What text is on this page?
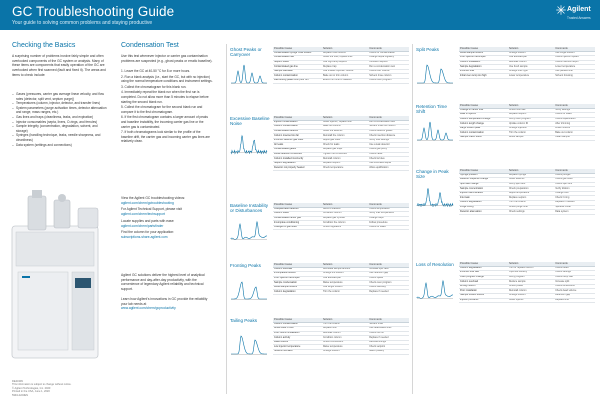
GC Troubleshooting Guide
Your guide to solving common problems and staying productive
Agilent
Trusted Answers
Checking the Basics
A surprising number of problems involve fairly simple and often overlooked components of the GC system or analysis. Many of these items are components that easily operation of the GC are overlooked when first scanned (fault and fixed it). The areas and items to check include:
– Gases (pressures, carrier gas average linear velocity, and flow rates (detector, split vent, septum purge))
– Temperatures (column, injector, detector, and transfer lines)
– System parameters (purge activation times, detector attenuation and range, mass ranges, etc.)
– Gas lines and traps (cleanliness, leaks, and expiration)
– Injector consumables (septa, liners, O-rings, and ferrules)
– Sample integrity (concentration, degradation, solvent, and storage)
– Syringes (handling technique, leaks, needle sharpness, and cleanliness)
– Data system (settings and connections)
DE44309
This information is subject to change without notice.
© Agilent Technologies, Inc. 2020
Printed in the USA, June 1, 2020
5994-2223EN
Condensation Test
Use this test whenever injector or carrier gas contamination problems are suspected (e.g., ghost peaks or erratic baseline).
1. Leave the GC at 40-50 °C for 8 or more hours.
2. Run a blank analysis (i.e., start the GC, but with no injection) using the normal temperature conditions and instrument settings.
3. Collect the chromatogram for this blank run.
4. Immediately repeat the blank run when the first run is completed. Do not allow more than 5 minutes to elapse before starting the second blank run.
5. Collect the chromatogram for the second blank run and compare it to the first chromatogram.
6. If the first chromatogram contains a larger amount of peaks and baseline instability, the incoming carrier gas line or the carrier gas is contaminated.
7. If both chromatograms look similar to the profile of the baseline drift, the carrier gas and incoming carrier gas lines are relatively clean.
View the Agilent GC troubleshooting videos:
agilent.com/chem/gctroubleshooting
For Agilent Technical Support, please visit
agilent.com/chem/techsupport
Locate supplies and parts with ease:
agilent.com/chem/partsfinder
Find the column for your application:
subscriptions-share-agilent.com
Agilent GC solutions deliver the highest level of analytical performance and day-after-day productivity, with the convenience of legendary Agilent reliability and technical support.
Learn how Agilent's innovations in GC provide the reliability your lab needs at
www.agilent.com/chem/gcproductivity
Ghost Peaks or Carryover
Possible Cause	Solution	Comments
Contaminated syringe rinse solvent	Replace rinse solvent	Check for contamination
Contaminated inlet	Clean the inlet; replace liner	Change septa regularly
Septum bleed	Use high-temp septum	Condition septum
Contaminated gas line	Replace trap	Run a condensation test
Sample backflash	Use smaller injection volume	Check liner volume
Column contamination	Bake out or trim column	Solvent rinse column
Late eluting peaks from prior run	Extend run time or bakeout	Check oven program
Excessive Baseline Noise
Possible Cause	Solution	Comments
Injector contamination	Clean injector; replace liner	Run a condensation test
Column contamination	Bake out column	Solvent rinse the column
Contaminated detector	Clean the detector	Check detector gases
Column inserted too far	Reinstall the column	Check insertion distance
Incorrect detector gas flows	Adjust gas flows	Verify flow settings
Air leaks	Check for leaks	Use a leak detector
Contaminated gases	Replace gas traps	Check gas purity
Loose detector connection	Tighten the connection	Check cable
Column installed incorrectly	Reinstall column	Check ferrules
Septum degradation	Replace septum	Use low-bleed septa
Detector not properly heated	Check temperature	Allow equilibration
Baseline Instability or Disturbances
Possible Cause	Solution	Comments
Unequilibrated detector	Allow to stabilize	Check temperature
Column bleed	Condition column	Verify max temperature
Contaminated carrier gas	Replace gas cylinder	Change traps
Incomplete conditioning	Condition the column	Follow procedure
Changes in gas flows	Check regulators	Check for leaks
Fronting Peaks	Possible Cause	Solution	Comments
Column overload	Decrease sample amount	Increase split ratio
Incompatible solvent	Change the solvent	Use retention gap
Poor injection technique	Use autosampler	Check speed
Sample condensation	Raise temperature	Check oven program
Mixed sample solvent	Use single solvent	Check solubility
Column degradation	Trim the column	Replace if needed
Tailing Peaks	Possible Cause	Solution	Comments
Column contamination	Trim the column	Solvent rinse
Active sites in liner	Replace liner	Use deactivated liner
Poor column installation	Reinstall column	Check the cut
Column activity	Condition column	Replace if needed
Dead volume	Check connections	Reinstall fittings
Low injector temperature	Raise temperature	Check setpoint
Solvent mismatch	Change solvent	Match polarity
Split Peaks	Possible Cause	Solution	Comments
Mixed sample solvent	Change solvent	Use single solvent
Poor injection technique	Use autosampler	Check injection speed
Column installation	Reinstall column	Check insertion depth
Sample degradation	Use fresh sample	Lower temperature
Incorrect liner	Change liner type	Use packed liner
Initial oven temp too high	Lower temperature	Solvent focusing
Retention Time Shift
Possible Cause	Solution	Comments
Change in carrier flow	Check flow rate	Verify settings
Leak in injector	Replace septum	Check for leaks
Column temperature change	Verify oven program	Check equilibration
Column length change	Update column ID	After trimming
Large solvent peak	Change injection	Lower volume
Column contamination	Trim the column	Bake out column
Sample matrix effect	Dilute sample	Clean sample
Change in Peak Size
Possible Cause	Solution	Comments
Syringe problem	Replace syringe	Check plunger
Detector response change	Clean detector	Check gas flows
Split ratio change	Verify split ratio	Check split vent
Sample concentration	Check preparation	Verify dilution
Injector discrimination	Adjust temperature	Change liner
Inlet leak	Replace septum	Check O-ring
Column degradation	Trim the column	Replace if needed
Purge timing	Check purge time	Splitless mode
Detector attenuation	Check settings	Data system
Loss of Resolution	Possible Cause	Solution	Comments
Column degradation	Trim or replace column	Check bleed
Incorrect flow rate	Optimize velocity	Check settings
Oven program change	Verify program	Check ramp rate
Column overload	Reduce sample	Increase split
Wrong column	Check phase	Check dimensions
Poor installation	Reinstall column	Check dead volume
Sample solvent effects	Change solvent	Retention gap
Injector problems	Clean injector	Replace liner
